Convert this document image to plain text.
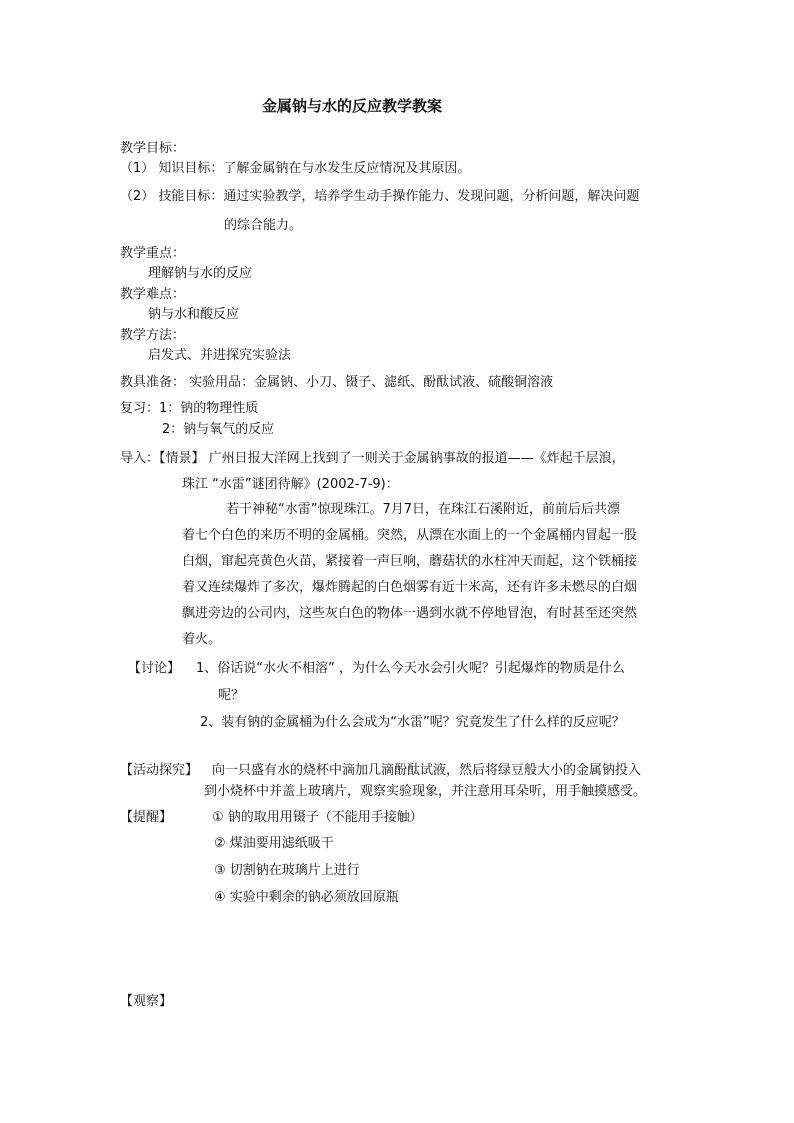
金属钠与水的反应教学教案
教学目标：
（1） 知识目标：了解金属钠在与水发生反应情况及其原因。
（2） 技能目标：通过实验教学，培养学生动手操作能力、发现问题，分析问题，解决问题
的综合能力。
教学重点：
理解钠与水的反应
教学难点：
钠与水和酸反应
教学方法：
启发式、并进探究实验法
教具准备： 实验用品：金属钠、小刀、镊子、滤纸、酚酞试液、硫酸铜溶液
复习：1：钠的物理性质
2：钠与氧气的反应
导入：【情景】 广州日报大洋网上找到了一则关于金属钠事故的报道——《炸起千层浪，
珠江 “水雷”谜团待解》(2002-7-9)：
若干神秘“水雷”惊现珠江。7月7日，在珠江石溪附近，前前后后共漂
着七个白色的来历不明的金属桶。突然，从漂在水面上的一个金属桶内冒起一股
白烟，窜起亮黄色火苗，紧接着一声巨响，蘑菇状的水柱冲天而起，这个铁桶接
着又连续爆炸了多次，爆炸腾起的白色烟雾有近十米高，还有许多未燃尽的白烟
飘进旁边的公司内，这些灰白色的物体一遇到水就不停地冒泡，有时甚至还突然
着火。
【讨论】 1、俗话说“水火不相溶” ，为什么今天水会引火呢？引起爆炸的物质是什么
呢？
2、装有钠的金属桶为什么会成为“水雷”呢？究竟发生了什么样的反应呢？
【活动探究】 向一只盛有水的烧杯中滴加几滴酚酞试液，然后将绿豆般大小的金属钠投入
到小烧杯中并盖上玻璃片，观察实验现象，并注意用耳朵听，用手触摸感受。
【提醒】	① 钠的取用用镊子（不能用手接触）
② 煤油要用滤纸吸干
③ 切割钠在玻璃片上进行
④ 实验中剩余的钠必须放回原瓶
【观察】
